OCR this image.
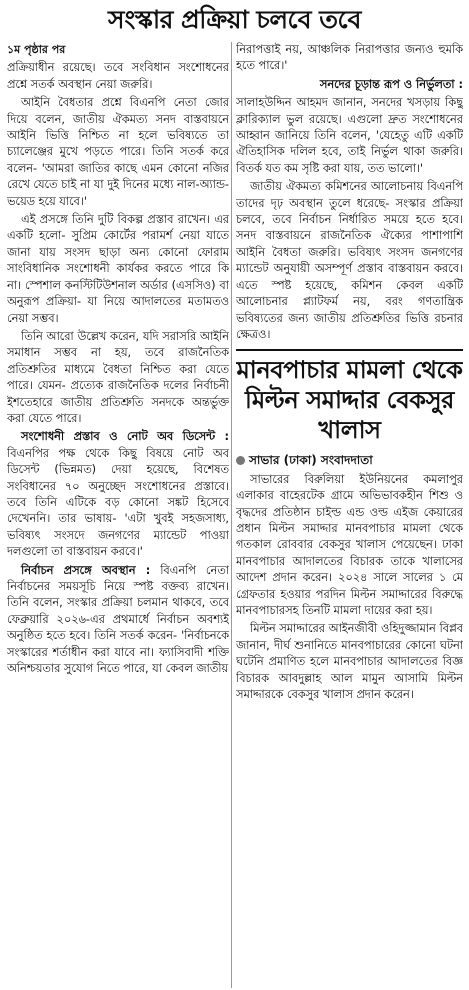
সংস্কার প্রক্রিয়া চলবে তবে
১ম পৃষ্ঠার পর

প্রক্রিয়াধীন রয়েছে। তবে সংবিধান সংশোধনের প্রশ্নে সতর্ক অবস্থান নেয়া জরুরি।

আইনি বৈধতার প্রশ্নে বিএনপি নেতা জোর দিয়ে বলেন, জাতীয় ঐকমত্য সনদ বাস্তবায়নে আইনি ভিত্তি নিশ্চিত না হলে ভবিষ্যতে তা চ্যালেঞ্জের মুখে পড়তে পারে। তিনি সতর্ক করে বলেন- 'আমরা জাতির কাছে এমন কোনো নজির রেখে যেতে চাই না যা দুই দিনের মধ্যে নাল-অ্যান্ড-ভয়েড হয়ে যাবে।'

এই প্রসঙ্গে তিনি দুটি বিকল্প প্রস্তাব রাখেন। এর একটি হলো- সুপ্রিম কোর্টের পরামর্শ নেয়া যাতে জানা যায় সংসদ ছাড়া অন্য কোনো ফোরাম সাংবিধানিক সংশোধনী কার্যকর করতে পারে কি না। স্পেশাল কনস্টিটিউশনাল অর্ডার (এসসিও) বা অনুরূপ প্রক্রিয়া- যা নিয়ে আদালতের মতামতও নেয়া সম্ভব।

তিনি আরো উল্লেখ করেন, যদি সরাসরি আইনি সমাধান সম্ভব না হয়, তবে রাজনৈতিক প্রতিশ্রুতির মাধ্যমে বৈধতা নিশ্চিত করা যেতে পারে। যেমন- প্রত্যেক রাজনৈতিক দলের নির্বাচনী ইশতেহারে জাতীয় প্রতিশ্রুতি সনদকে অন্তর্ভুক্ত করা যেতে পারে।

সংশোধনী প্রস্তাব ও নোট অব ডিসেন্ট : বিএনপির পক্ষ থেকে কিছু বিষয়ে নোট অব ডিসেন্ট (ভিন্নমত) দেয়া হয়েছে, বিশেষত সংবিধানের ৭০ অনুচ্ছেদ সংশোধনের প্রস্তাবে। তবে তিনি এটিকে বড় কোনো সঙ্কট হিসেবে দেখেননি। তার ভাষায়- 'এটা খুবই সহজসাধ্য, ভবিষ্যৎ সংসদে জনগণের ম্যান্ডেট পাওয়া দলগুলো তা বাস্তবায়ন করবে।'

নির্বাচন প্রসঙ্গে অবস্থান : বিএনপি নেতা নির্বাচনের সময়সূচি নিয়ে স্পষ্ট বক্তব্য রাখেন। তিনি বলেন, সংস্কার প্রক্রিয়া চলমান থাকবে, তবে ফেব্রুয়ারি ২০২৬-এর প্রথমার্ধে নির্বাচন অবশ্যই অনুষ্ঠিত হতে হবে। তিনি সতর্ক করেন- 'নির্বাচনকে সংস্কারের শর্তাধীন করা যাবে না। ফ্যাসিবাদী শক্তি অনিশ্চয়তার সুযোগ নিতে পারে, যা কেবল জাতীয়

নিরাপত্তাই নয়, আঞ্চলিক নিরাপত্তার জন্যও হুমকি হতে পারে।'

সনদের চূড়ান্ত রূপ ও নির্ভুলতা :

সালাহউদ্দিন আহমদ জানান, সনদের খসড়ায় কিছু ক্লারিক্যাল ভুল রয়েছে। এগুলো দ্রুত সংশোধনের আহ্বান জানিয়ে তিনি বলেন, 'যেহেতু এটি একটি ঐতিহাসিক দলিল হবে, তাই নির্ভুল থাকা জরুরি। বিতর্ক যত কম সৃষ্টি করা যায়, তত ভালো।'

জাতীয় ঐকমত্য কমিশনের আলোচনায় বিএনপি তাদের দৃঢ় অবস্থান তুলে ধরেছে- সংস্কার প্রক্রিয়া চলবে, তবে নির্বাচন নির্ধারিত সময়ে হতে হবে। সনদ বাস্তবায়নে রাজনৈতিক ঐক্যের পাশাপাশি আইনি বৈধতা জরুরি। ভবিষ্যৎ সংসদ জনগণের ম্যান্ডেট অনুযায়ী অসম্পূর্ণ প্রস্তাব বাস্তবায়ন করবে। এতে স্পষ্ট হয়েছে, কমিশন কেবল একটি আলোচনার প্ল্যাটফর্ম নয়, বরং গণতান্ত্রিক ভবিষ্যতের জন্য জাতীয় প্রতিশ্রুতির ভিত্তি রচনার ক্ষেত্রও।

মানবপাচার মামলা থেকে মিল্টন সমাদ্দার বেকসুর খালাস
সাভার (ঢাকা) সংবাদদাতা

সাভারের বিরুলিয়া ইউনিয়নের কমলাপুর এলাকার বাহেরটেক গ্রামে অভিভাবকহীন শিশু ও বৃদ্ধদের প্রতিষ্ঠান চাইল্ড এন্ড ওল্ড এইজ কেয়ারের প্রধান মিল্টন সমাদ্দার মানবপাচার মামলা থেকে গতকাল রোববার বেকসুর খালাস পেয়েছেন। ঢাকা মানবপাচার আদালতের বিচারক তাকে খালাসের আদেশ প্রদান করেন। ২০২৪ সালে সালের ১ মে গ্রেফতার হওয়ার পরদিন মিল্টন সমাদ্দারের বিরুদ্ধে মানবপাচারসহ তিনটি মামলা দায়ের করা হয়।

মিল্টন সমাদ্দারের আইনজীবী ওহিদুজ্জামান বিপ্লব জানান, দীর্ঘ শুনানিতে মানবপাচারের কোনো ঘটনা ঘটেনি প্রমাণিত হলে মানবপাচার আদালতের বিজ্ঞ বিচারক আবদুল্লাহ আল মামুন আসামি মিল্টন সমাদ্দারকে বেকসুর খালাস প্রদান করেন।
